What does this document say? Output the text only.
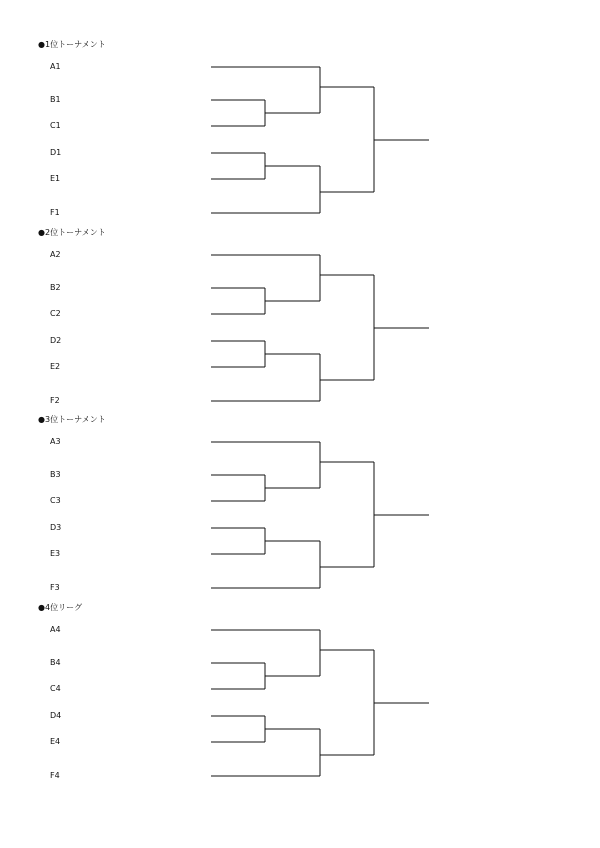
●1位トーナメント
A1
B1
C1
D1
E1
F1
●2位トーナメント
A2
B2
C2
D2
E2
F2
●3位トーナメント
A3
B3
C3
D3
E3
F3
●4位リーグ
A4
B4
C4
D4
E4
F4
